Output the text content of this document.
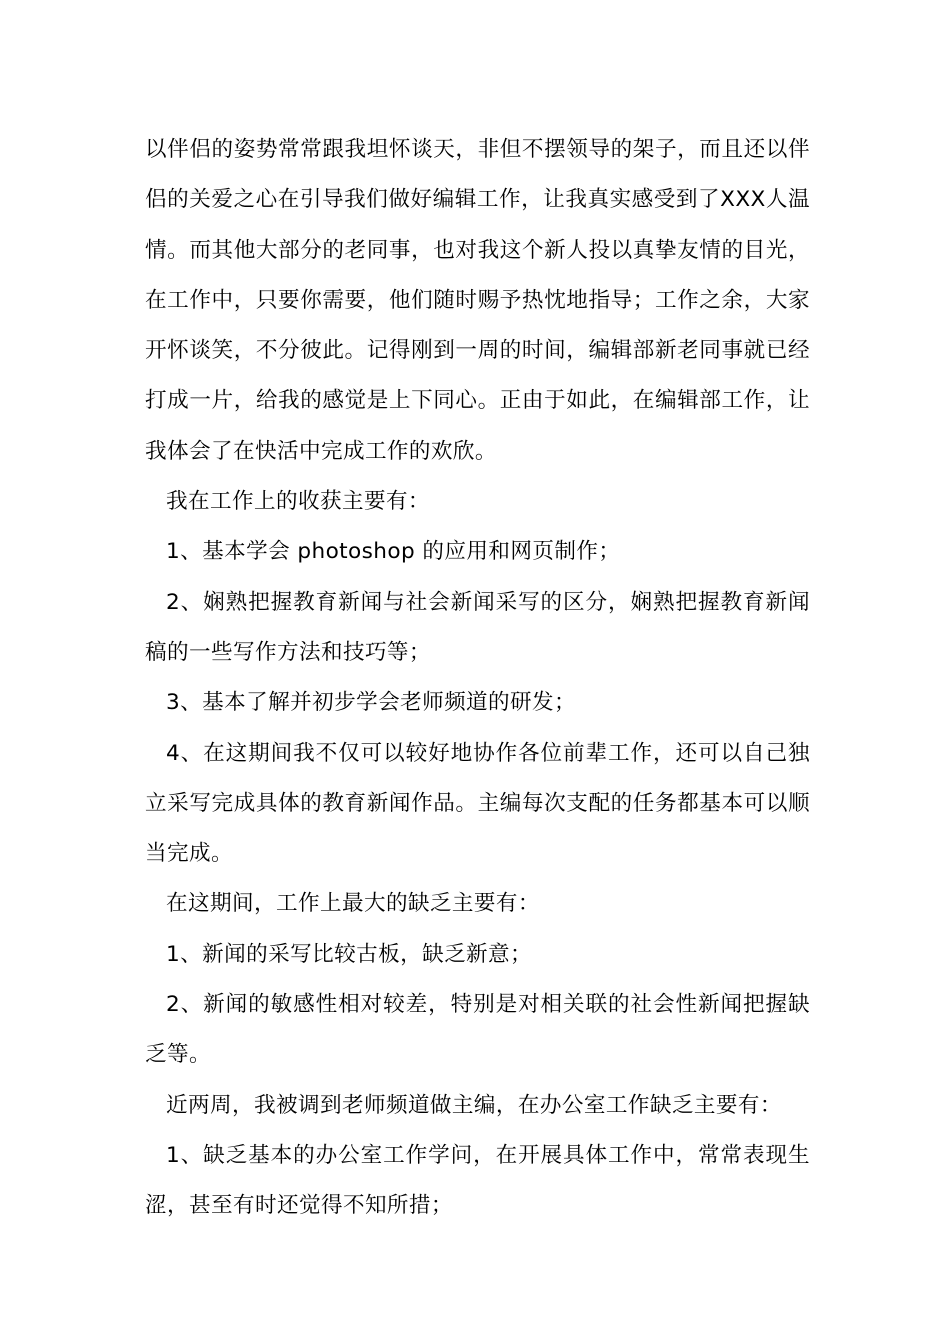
以伴侣的姿势常常跟我坦怀谈天，非但不摆领导的架子，而且还以伴侣的关爱之心在引导我们做好编辑工作，让我真实感受到了XXX人温情。而其他大部分的老同事，也对我这个新人投以真挚友情的目光，在工作中，只要你需要，他们随时赐予热忱地指导；工作之余，大家开怀谈笑，不分彼此。记得刚到一周的时间，编辑部新老同事就已经打成一片，给我的感觉是上下同心。正由于如此，在编辑部工作，让我体会了在快活中完成工作的欢欣。

我在工作上的收获主要有：

1、基本学会 photoshop 的应用和网页制作；

2、娴熟把握教育新闻与社会新闻采写的区分，娴熟把握教育新闻稿的一些写作方法和技巧等；

3、基本了解并初步学会老师频道的研发；

4、在这期间我不仅可以较好地协作各位前辈工作，还可以自己独立采写完成具体的教育新闻作品。主编每次支配的任务都基本可以顺当完成。

在这期间，工作上最大的缺乏主要有：

1、新闻的采写比较古板，缺乏新意；

2、新闻的敏感性相对较差，特别是对相关联的社会性新闻把握缺乏等。

近两周，我被调到老师频道做主编，在办公室工作缺乏主要有：

1、缺乏基本的办公室工作学问，在开展具体工作中，常常表现生涩，甚至有时还觉得不知所措；
